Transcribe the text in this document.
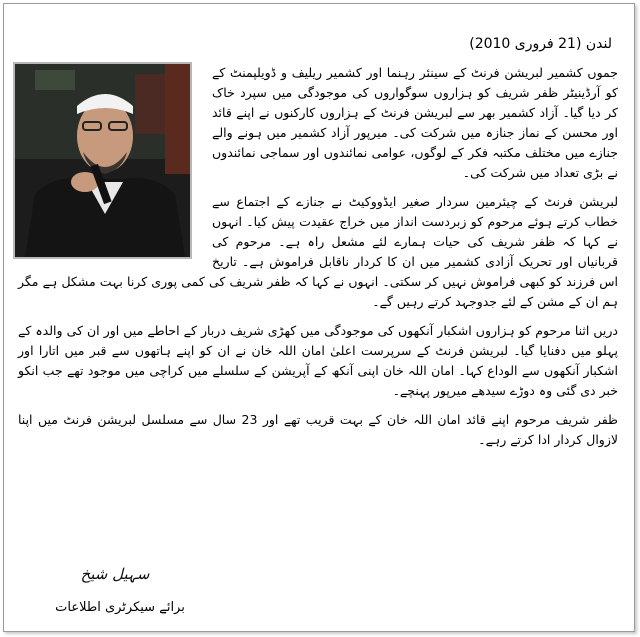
لندن (21 فروری 2010)

جموں کشمیر لبریشن فرنٹ کے سینئر رہنما اور کشمیر ریلیف و ڈویلپمنٹ کے کو آرڈینیٹر ظفر شریف کو ہزاروں سوگواروں کی موجودگی میں سپرد خاک کر دیا گیا۔ آزاد کشمیر بھر سے لبریشن فرنٹ کے ہزاروں کارکنوں نے اپنے قائد اور محسن کے نماز جنازہ میں شرکت کی۔ میرپور آزاد کشمیر میں ہونے والے جنازے میں مختلف مکتبہ فکر کے لوگوں، عوامی نمائندوں اور سماجی نمائندوں نے بڑی تعداد میں شرکت کی۔

لبریشن فرنٹ کے چیئرمین سردار صغیر ایڈووکیٹ نے جنازے کے اجتماع سے خطاب کرتے ہوئے مرحوم کو زبردست انداز میں خراج عقیدت پیش کیا۔ انہوں نے کہا کہ ظفر شریف کی حیات ہمارے لئے مشعل راہ ہے۔ مرحوم کی قربانیاں اور تحریک آزادی کشمیر میں ان کا کردار ناقابل فراموش ہے۔ تاریخ اس فرزند کو کبھی فراموش نہیں کر سکتی۔ انہوں نے کہا کہ ظفر شریف کی کمی پوری کرنا بہت مشکل ہے مگر ہم ان کے مشن کے لئے جدوجہد کرتے رہیں گے۔

دریں اثنا مرحوم کو ہزاروں اشکبار آنکھوں کی موجودگی میں کھڑی شریف دربار کے احاطے میں اور ان کی والدہ کے پہلو میں دفنایا گیا۔ لبریشن فرنٹ کے سرپرست اعلیٰ امان اللہ خان نے ان کو اپنے ہاتھوں سے قبر میں اتارا اور اشکبار آنکھوں سے الوداع کہا۔ امان اللہ خان اپنی آنکھ کے آپریشن کے سلسلے میں کراچی میں موجود تھے جب انکو خبر دی گئی وہ دوڑے سیدھے میرپور پہنچے۔

ظفر شریف مرحوم اپنے قائد امان اللہ خان کے بہت قریب تھے اور 23 سال سے مسلسل لبریشن فرنٹ میں اپنا لازوال کردار ادا کرتے رہے۔

سہیل شیخ
برائے سیکرٹری اطلاعات
